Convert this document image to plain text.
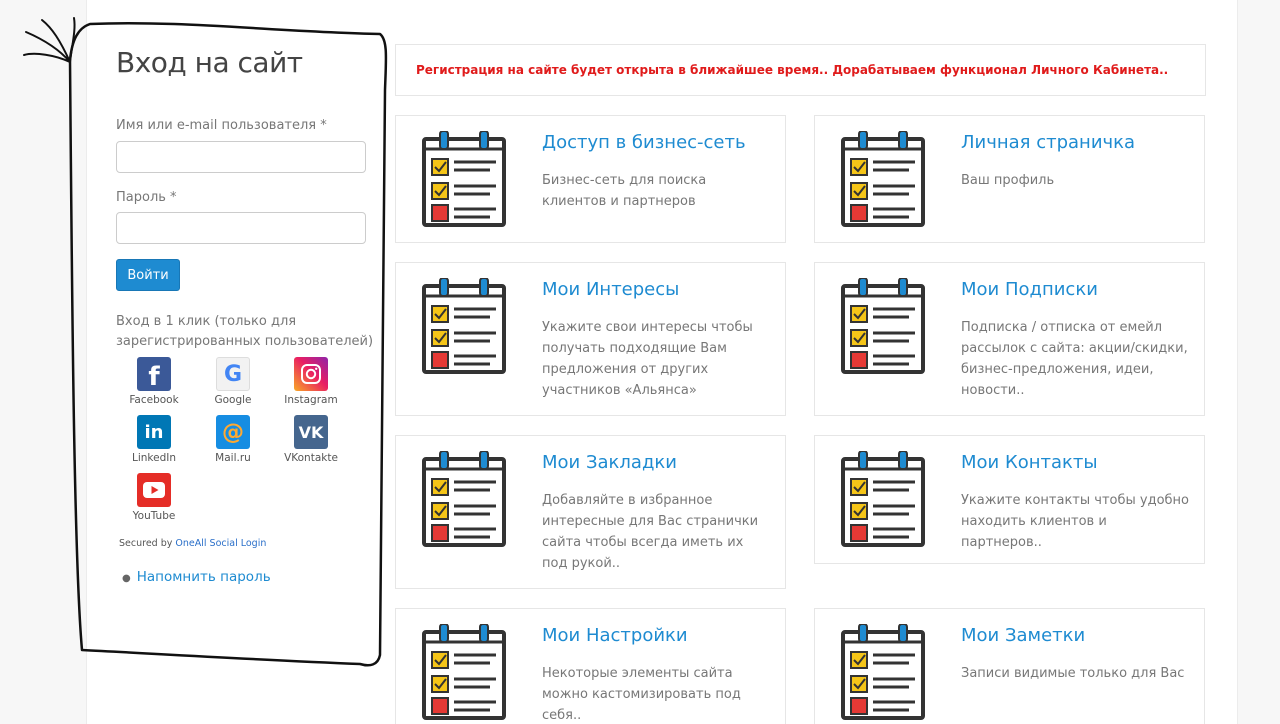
Вход на сайт
Имя или e-mail пользователя *
Пароль *
Войти
Вход в 1 клик (только для зарегистрированных пользователей)
f
Facebook
G
Google	Instagram
in
LinkedIn
@
Mail.ru
VK
VKontakte
YouTube
Secured by OneAll Social Login
● Напомнить пароль
Регистрация на сайте будет открыта в ближайшее время.. Дорабатываем функционал Личного Кабинета..
Доступ в бизнес-сеть
Бизнес-сеть для поиска клиентов и партнеров
Личная страничка
Ваш профиль
Мои Интересы
Укажите свои интересы чтобы получать подходящие Вам предложения от других участников «Альянса»
Мои Подписки
Подписка / отписка от емейл рассылок с сайта: акции/скидки, бизнес-предложения, идеи, новости..
Мои Закладки
Добавляйте в избранное интересные для Вас странички сайта чтобы всегда иметь их под рукой..
Мои Контакты
Укажите контакты чтобы удобно находить клиентов и партнеров..
Мои Настройки
Некоторые элементы сайта можно кастомизировать под себя..
Мои Заметки
Записи видимые только для Вас
